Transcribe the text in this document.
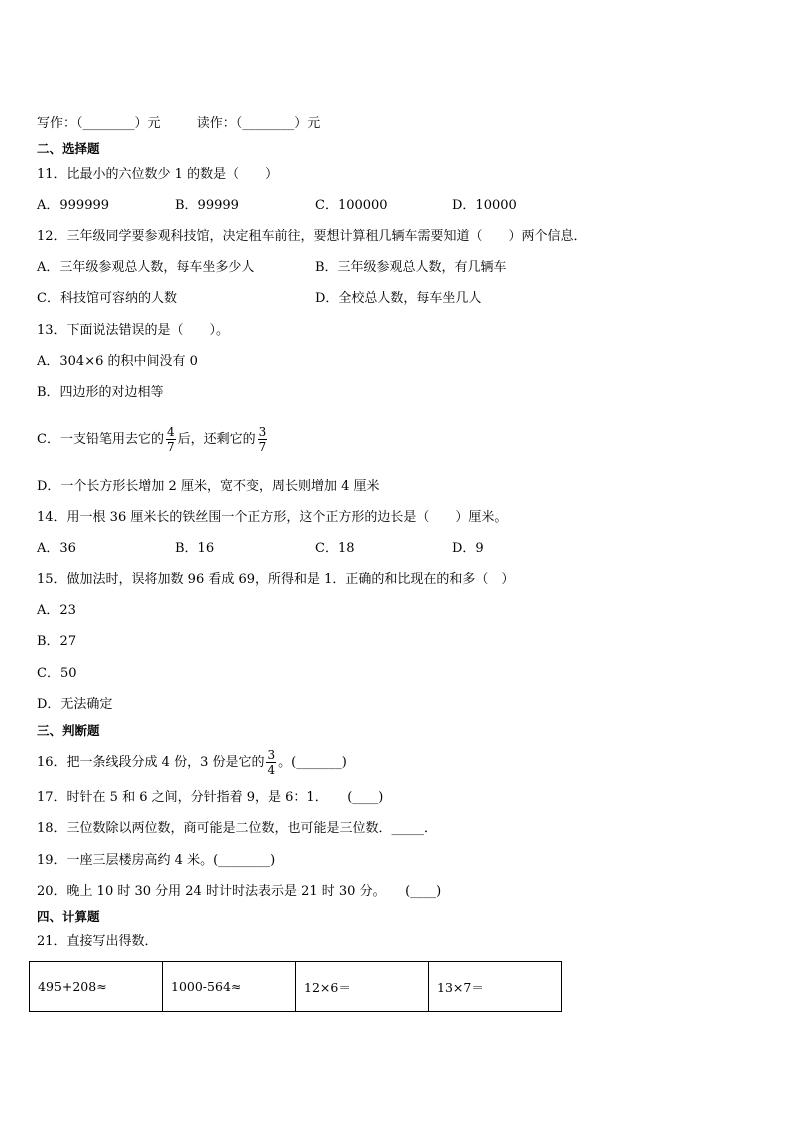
写作：（________）元	读作：（________）元
二、选择题
11．比最小的六位数少 1 的数是（　　）
A．999999	B．99999	C．100000	D．10000
12．三年级同学要参观科技馆，决定租车前往，要想计算租几辆车需要知道（　　）两个信息．
A．三年级参观总人数，每车坐多少人	B．三年级参观总人数，有几辆车
C．科技馆可容纳的人数	D．全校总人数，每车坐几人
13．下面说法错误的是（　　）。
A．304×6 的积中间没有 0
B．四边形的对边相等
C．一支铅笔用去它的 $\frac{4}{7}$ 后，还剩它的 $\frac{3}{7}$
D．一个长方形长增加 2 厘米，宽不变，周长则增加 4 厘米
14．用一根 36 厘米长的铁丝围一个正方形，这个正方形的边长是（　　）厘米。
A．36	B．16	C．18	D．9
15．做加法时，误将加数 96 看成 69，所得和是 1．正确的和比现在的和多（　）
A．23
B．27
C．50
D．无法确定
三、判断题
16．把一条线段分成 4 份，3 份是它的 $\frac{3}{4}$ 。(_______)
17．时针在 5 和 6 之间，分针指着 9，是 6：1．　　(____)
18．三位数除以两位数，商可能是二位数，也可能是三位数．_____．
19．一座三层楼房高约 4 米。(________)
20．晚上 10 时 30 分用 24 时计时法表示是 21 时 30 分。　　(____)
四、计算题
21．直接写出得数．
495+208≈	1000-564≈	12×6＝	13×7＝
